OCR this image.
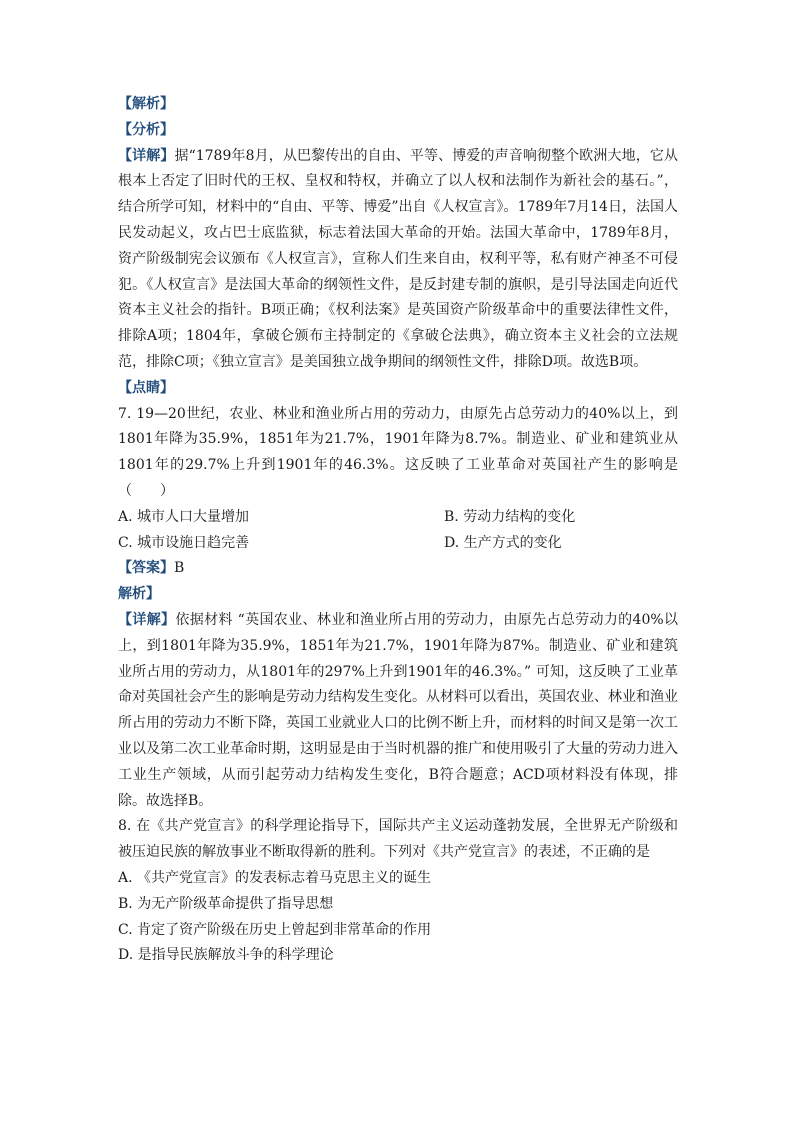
【解析】

【分析】

【详解】据“1789年8月，从巴黎传出的自由、平等、博爱的声音响彻整个欧洲大地，它从根本上否定了旧时代的王权、皇权和特权，并确立了以人权和法制作为新社会的基石。”，结合所学可知，材料中的“自由、平等、博爱”出自《人权宣言》。1789年7月14日，法国人民发动起义，攻占巴士底监狱，标志着法国大革命的开始。法国大革命中，1789年8月，资产阶级制宪会议颁布《人权宣言》，宣称人们生来自由，权利平等，私有财产神圣不可侵犯。《人权宣言》是法国大革命的纲领性文件，是反封建专制的旗帜，是引导法国走向近代资本主义社会的指针。B项正确；《权利法案》是英国资产阶级革命中的重要法律性文件，排除A项；1804年，拿破仑颁布主持制定的《拿破仑法典》，确立资本主义社会的立法规范，排除C项；《独立宣言》是美国独立战争期间的纲领性文件，排除D项。故选B项。

【点睛】

7. 19—20世纪，农业、林业和渔业所占用的劳动力，由原先占总劳动力的40%以上，到1801年降为35.9%，1851年为21.7%，1901年降为8.7%。制造业、矿业和建筑业从1801年的29.7%上升到1901年的46.3%。这反映了工业革命对英国社产生的影响是（　　）

A. 城市人口大量增加	B. 劳动力结构的变化
C. 城市设施日趋完善	D. 生产方式的变化

【答案】B

解析】

【详解】依据材料 “英国农业、林业和渔业所占用的劳动力，由原先占总劳动力的40%以上，到1801年降为35.9%，1851年为21.7%，1901年降为87%。制造业、矿业和建筑业所占用的劳动力，从1801年的297%上升到1901年的46.3%。” 可知，这反映了工业革命对英国社会产生的影响是劳动力结构发生变化。从材料可以看出，英国农业、林业和渔业所占用的劳动力不断下降，英国工业就业人口的比例不断上升，而材料的时间又是第一次工业以及第二次工业革命时期，这明显是由于当时机器的推广和使用吸引了大量的劳动力进入工业生产领域，从而引起劳动力结构发生变化，B符合题意；ACD项材料没有体现，排除。故选择B。

8. 在《共产党宣言》的科学理论指导下，国际共产主义运动蓬勃发展，全世界无产阶级和被压迫民族的解放事业不断取得新的胜利。下列对《共产党宣言》的表述，不正确的是

A. 《共产党宣言》的发表标志着马克思主义的诞生

B. 为无产阶级革命提供了指导思想

C. 肯定了资产阶级在历史上曾起到非常革命的作用

D. 是指导民族解放斗争的科学理论
